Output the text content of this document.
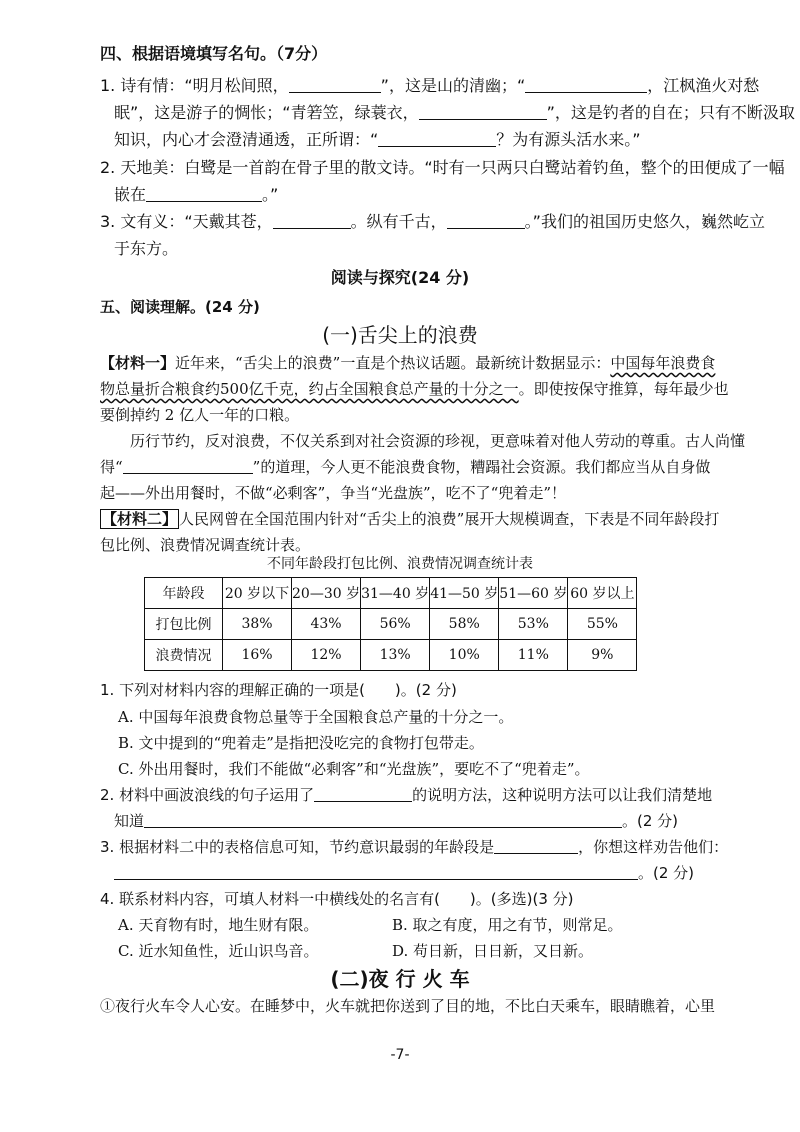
四、根据语境填写名句。（7分）
1. 诗有情：“明月松间照，	”，这是山的清幽；“	，江枫渔火对愁
眠”，这是游子的惆怅；“青箬笠，绿蓑衣，	”，这是钓者的自在；只有不断汲取
知识，内心才会澄清通透，正所谓：“	？为有源头活水来。”
2. 天地美：白鹭是一首韵在骨子里的散文诗。“时有一只两只白鹭站着钓鱼，整个的田便成了一幅
嵌在	。”
3. 文有义：“天戴其苍，	。纵有千古，	。”我们的祖国历史悠久，巍然屹立
于东方。
阅读与探究(24 分)
五、阅读理解。(24 分)
(一)舌尖上的浪费
【材料一】近年来，“舌尖上的浪费”一直是个热议话题。最新统计数据显示：中国每年浪费食
物总量折合粮食约500亿千克，约占全国粮食总产量的十分之一。即使按保守推算，每年最少也
要倒掉约 2 亿人一年的口粮。
历行节约，反对浪费，不仅关系到对社会资源的珍视，更意味着对他人劳动的尊重。古人尚懂
得“	”的道理，今人更不能浪费食物，糟蹋社会资源。我们都应当从自身做
起——外出用餐时，不做“必剩客”，争当“光盘族”，吃不了“兜着走”！
【材料二】 人民网曾在全国范围内针对“舌尖上的浪费”展开大规模调查，下表是不同年龄段打
包比例、浪费情况调查统计表。
不同年龄段打包比例、浪费情况调查统计表
年龄段	20 岁以下	20—30 岁	31—40 岁	41—50 岁	51—60 岁	60 岁以上
打包比例	38%	43%	56%	58%	53%	55%
浪费情况	16%	12%	13%	10%	11%	9%
1. 下列对材料内容的理解正确的一项是(　　)。(2 分)
A. 中国每年浪费食物总量等于全国粮食总产量的十分之一。
B. 文中提到的“兜着走”是指把没吃完的食物打包带走。
C. 外出用餐时，我们不能做“必剩客”和“光盘族”，要吃不了“兜着走”。
2. 材料中画波浪线的句子运用了	的说明方法，这种说明方法可以让我们清楚地
知道	。(2 分)
3. 根据材料二中的表格信息可知，节约意识最弱的年龄段是	，你想这样劝告他们：
。(2 分)
4. 联系材料内容，可填人材料一中横线处的名言有(　　)。(多选)(3 分)
A. 天育物有时，地生财有限。	B. 取之有度，用之有节，则常足。
C. 近水知鱼性，近山识鸟音。	D. 苟日新，日日新，又日新。
(二)夜 行 火 车
①夜行火车令人心安。在睡梦中，火车就把你送到了目的地，不比白天乘车，眼睛瞧着，心里
-7-
